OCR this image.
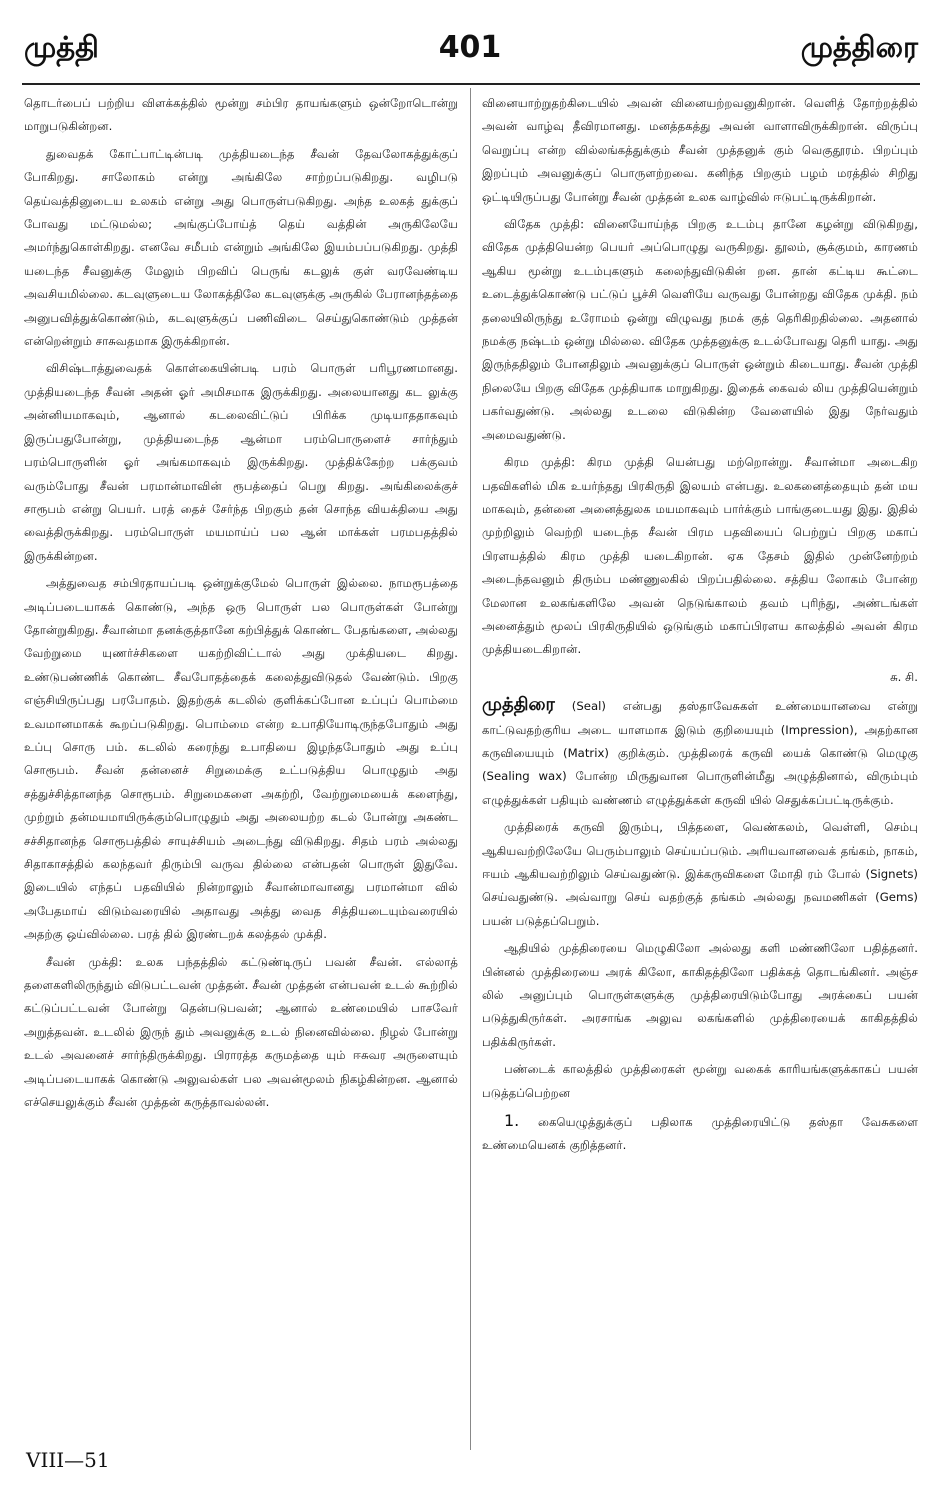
முத்தி	401	முத்திரை

தொடர்பைப் பற்றிய விளக்கத்தில் மூன்று சம்பிர தாயங்களும் ஒன்றோடொன்று மாறுபடுகின்றன.

துவைதக் கோட்பாட்டின்படி முத்தியடைந்த சீவன் தேவலோகத்துக்குப் போகிறது. சாலோகம் என்று அங்கிலே சாற்றப்படுகிறது. வழிபடு தெய்வத்தினுடைய உலகம் என்று அது பொருள்படுகிறது. அந்த உலகத் துக்குப் போவது மட்டுமல்ல; அங்குப்போய்த் தெய் வத்தின் அருகிலேயே அமர்ந்துகொள்கிறது. எனவே சமீபம் என்றும் அங்கிலே இயம்பப்படுகிறது. முத்தி யடைந்த சீவனுக்கு மேலும் பிறவிப் பெருங் கடலுக் குள் வரவேண்டிய அவசியமில்லை. கடவுளுடைய லோகத்திலே கடவுளுக்கு அருகில் பேரானந்தத்தை அனுபவித்துக்கொண்டும், கடவுளுக்குப் பணிவிடை செய்துகொண்டும் முத்தன் என்றென்றும் சாசுவதமாக இருக்கிறான்.

விசிஷ்டாத்துவைதக் கொள்கையின்படி பரம் பொருள் பரிபூரணமானது. முத்தியடைந்த சீவன் அதன் ஓர் அமிசமாக இருக்கிறது. அலையானது கட லுக்கு அன்னியமாகவும், ஆனால் கடலைவிட்டுப் பிரிக்க முடியாததாகவும் இருப்பதுபோன்று, முத்தியடைந்த ஆன்மா பரம்பொருளைச் சார்ந்தும் பரம்பொருளின் ஓர் அங்கமாகவும் இருக்கிறது. முத்திக்கேற்ற பக்குவம் வரும்போது சீவன் பரமான்மாவின் ரூபத்தைப் பெறு கிறது. அங்கிலைக்குச் சாரூபம் என்று பெயர். பரத் தைச் சேர்ந்த பிறகும் தன் சொந்த வியக்தியை அது வைத்திருக்கிறது. பரம்பொருள் மயமாய்ப் பல ஆன் மாக்கள் பரமபதத்தில் இருக்கின்றன.

அத்துவைத சம்பிரதாயப்படி ஒன்றுக்குமேல் பொருள் இல்லை. நாமரூபத்தை அடிப்படையாகக் கொண்டு, அந்த ஒரு பொருள் பல பொருள்கள் போன்று தோன்றுகிறது. சீவான்மா தனக்குத்தானே கற்பித்துக் கொண்ட பேதங்களை, அல்லது வேற்றுமை யுணர்ச்சிகளை யகற்றிவிட்டால் அது முக்தியடை கிறது. உண்டுபண்ணிக் கொண்ட சீவபோதத்தைக் கலைத்துவிடுதல் வேண்டும். பிறகு எஞ்சியிருப்பது பரபோதம். இதற்குக் கடலில் குளிக்கப்போன உப்புப் பொம்மை உவமானமாகக் கூறப்படுகிறது. பொம்மை என்ற உபாதியோடிருந்தபோதும் அது உப்பு சொரு பம். கடலில் கரைந்து உபாதியை இழந்தபோதும் அது உப்பு சொரூபம். சீவன் தன்னைச் சிறுமைக்கு உட்படுத்திய பொழுதும் அது சத்துச்சித்தானந்த சொரூபம். சிறுமைகளை அகற்றி, வேற்றுமையைக் களைந்து, முற்றும் தன்மயமாயிருக்கும்பொழுதும் அது அலையற்ற கடல் போன்று அகண்ட சச்சிதானந்த சொரூபத்தில் சாயுச்சியம் அடைந்து விடுகிறது. சிதம் பரம் அல்லது சிதாகாசத்தில் கலந்தவர் திரும்பி வருவ தில்லை என்பதன் பொருள் இதுவே. இடையில் எந்தப் பதவியில் நின்றாலும் சீவான்மாவானது பரமான்மா வில் அபேதமாய் விடும்வரையில் அதாவது அத்து வைத சித்தியடையும்வரையில் அதற்கு ஒய்வில்லை. பரத் தில் இரண்டறக் கலத்தல் முக்தி.

சீவன் முக்தி: உலக பந்தத்தில் கட்டுண்டிருப் பவன் சீவன். எல்லாத் தளைகளிலிருந்தும் விடுபட்டவன் முத்தன். சீவன் முத்தன் என்பவன் உடல் கூற்றில் கட்டுப்பட்டவன் போன்று தென்படுபவன்; ஆனால் உண்மையில் பாசவேர் அறுத்தவன். உடலில் இருந் தும் அவனுக்கு உடல் நினைவில்லை. நிழல் போன்று உடல் அவனைச் சார்ந்திருக்கிறது. பிராரத்த கருமத்தை யும் ஈசுவர அருளையும் அடிப்படையாகக் கொண்டு அலுவல்கள் பல அவன்மூலம் நிகழ்கின்றன. ஆனால் எச்செயலுக்கும் சீவன் முத்தன் கருத்தாவல்லன்.

வினையாற்றுதற்கிடையில் அவன் வினையற்றவனுகிறான். வெளித் தோற்றத்தில் அவன் வாழ்வு தீவிரமானது. மனத்தகத்து அவன் வாளாவிருக்கிறான். விருப்பு வெறுப்பு என்ற வில்லங்கத்துக்கும் சீவன் முத்தனுக் கும் வெகுதூரம். பிறப்பும் இறப்பும் அவனுக்குப் பொருளற்றவை. கனிந்த பிறகும் பழம் மரத்தில் சிறிது ஒட்டியிருப்பது போன்று சீவன் முத்தன் உலக வாழ்வில் ஈடுபட்டிருக்கிறான்.

விதேக முத்தி: வினையோய்ந்த பிறகு உடம்பு தானே கழன்று விடுகிறது, விதேக முத்தியென்ற பெயர் அப்பொழுது வருகிறது. தூலம், சூக்குமம், காரணம் ஆகிய மூன்று உடம்புகளும் கலைந்துவிடுகின் றன. தான் கட்டிய கூட்டை உடைத்துக்கொண்டு பட்டுப் பூச்சி வெளியே வருவது போன்றது விதேக முக்தி. நம் தலையிலிருந்து உரோமம் ஒன்று விழுவது நமக் குத் தெரிகிறதில்லை. அதனால் நமக்கு நஷ்டம் ஒன்று மில்லை. விதேக முத்தனுக்கு உடல்போவது தெரி யாது. அது இருந்ததிலும் போனதிலும் அவனுக்குப் பொருள் ஒன்றும் கிடையாது. சீவன் முத்தி நிலையே பிறகு விதேக முத்தியாக மாறுகிறது. இதைக் கைவல் லிய முத்தியென்றும் பகர்வதுண்டு. அல்லது உடலை விடுகின்ற வேளையில் இது நேர்வதும் அமைவதுண்டு.

கிரம முத்தி: கிரம முத்தி யென்பது மற்றொன்று. சீவான்மா அடைகிற பதவிகளில் மிக உயர்ந்தது பிரகிருதி இலயம் என்பது. உலகனைத்தையும் தன் மய மாகவும், தன்னை அனைத்துலக மயமாகவும் பார்க்கும் பாங்குடையது இது. இதில் முற்றிலும் வெற்றி யடைந்த சீவன் பிரம பதவியைப் பெற்றுப் பிறகு மகாப் பிரளயத்தில் கிரம முத்தி யடைகிறான். ஏக தேசம் இதில் முன்னேற்றம் அடைந்தவனும் திரும்ப மண்ணுலகில் பிறப்பதில்லை. சத்திய லோகம் போன்ற மேலான உலகங்களிலே அவன் நெடுங்காலம் தவம் புரிந்து, அண்டங்கள் அனைத்தும் மூலப் பிரகிருதியில் ஒடுங்கும் மகாப்பிரளய காலத்தில் அவன் கிரம முத்தியடைகிறான்.

சு. சி.

முத்திரை (Seal) என்பது தஸ்தாவேசுகள் உண்மையானவை என்று காட்டுவதற்குரிய அடை யாளமாக இடும் குறியையும் (Impression), அதற்கான கருவியையும் (Matrix) குறிக்கும். முத்திரைக் கருவி யைக் கொண்டு மெழுகு (Sealing wax) போன்ற மிருதுவான பொருளின்மீது அழுத்தினால், விரும்பும் எழுத்துக்கள் பதியும் வண்ணம் எழுத்துக்கள் கருவி யில் செதுக்கப்பட்டிருக்கும்.

முத்திரைக் கருவி இரும்பு, பித்தளை, வெண்கலம், வெள்ளி, செம்பு ஆகியவற்றிலேயே பெரும்பாலும் செய்யப்படும். அரியவானவைக் தங்கம், நாகம், ஈயம் ஆகியவற்றிலும் செய்வதுண்டு. இக்கருவிகளை மோதி ரம் போல் (Signets) செய்வதுண்டு. அவ்வாறு செய் வதற்குத் தங்கம் அல்லது நவமணிகள் (Gems) பயன் படுத்தப்பெறும்.

ஆதியில் முத்திரையை மெழுகிலோ அல்லது களி மண்ணிலோ பதித்தனர். பின்னல் முத்திரையை அரக் கிலோ, காகிதத்திலோ பதிக்கத் தொடங்கினர். அஞ்ச லில் அனுப்பும் பொருள்களுக்கு முத்திரையிடும்போது அரக்கைப் பயன் படுத்துகிருர்கள். அரசாங்க அலுவ லகங்களில் முத்திரையைக் காகிதத்தில் பதிக்கிருர்கள்.

பண்டைக் காலத்தில் முத்திரைகள் மூன்று வகைக் காரியங்களுக்காகப் பயன் படுத்தப்பெற்றன

1. கையெழுத்துக்குப் பதிலாக முத்திரையிட்டு தஸ்தா வேசுகளை உண்மையெனக் குறித்தனர்.

VIII—51
